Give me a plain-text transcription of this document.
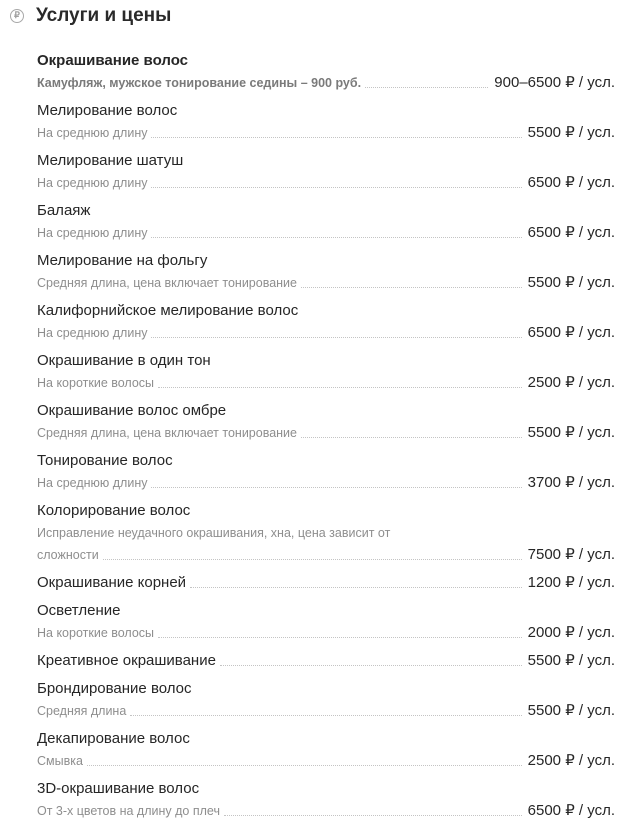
₽ Услуги и цены
Окрашивание волос
Камуфляж, мужское тонирование седины – 900 руб.	900–6500 ₽ / усл.
Мелирование волос
На среднюю длину	5500 ₽ / усл.
Мелирование шатуш
На среднюю длину	6500 ₽ / усл.
Балаяж
На среднюю длину	6500 ₽ / усл.
Мелирование на фольгу
Средняя длина, цена включает тонирование	5500 ₽ / усл.
Калифорнийское мелирование волос
На среднюю длину	6500 ₽ / усл.
Окрашивание в один тон
На короткие волосы	2500 ₽ / усл.
Окрашивание волос омбре
Средняя длина, цена включает тонирование	5500 ₽ / усл.
Тонирование волос
На среднюю длину	3700 ₽ / усл.
Колорирование волос
Исправление неудачного окрашивания, хна, цена зависит от
сложности	7500 ₽ / усл.
Окрашивание корней	1200 ₽ / усл.
Осветление
На короткие волосы	2000 ₽ / усл.
Креативное окрашивание	5500 ₽ / усл.
Брондирование волос
Средняя длина	5500 ₽ / усл.
Декапирование волос
Смывка	2500 ₽ / усл.
3D-окрашивание волос
От 3-х цветов на длину до плеч	6500 ₽ / усл.
